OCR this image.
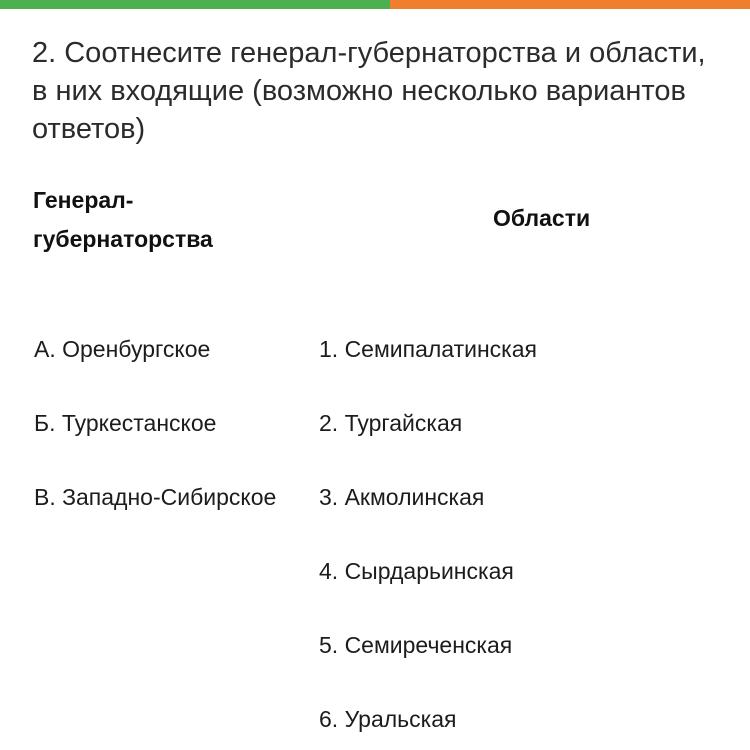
2. Соотнесите генерал-губернаторства и области, в них входящие (возможно несколько вариантов ответов)
Генерал-губернаторства
Области
А. Оренбургское
Б. Туркестанское
В. Западно-Сибирское
1. Семипалатинская
2. Тургайская
3. Акмолинская
4. Сырдарьинская
5. Семиреченская
6. Уральская
